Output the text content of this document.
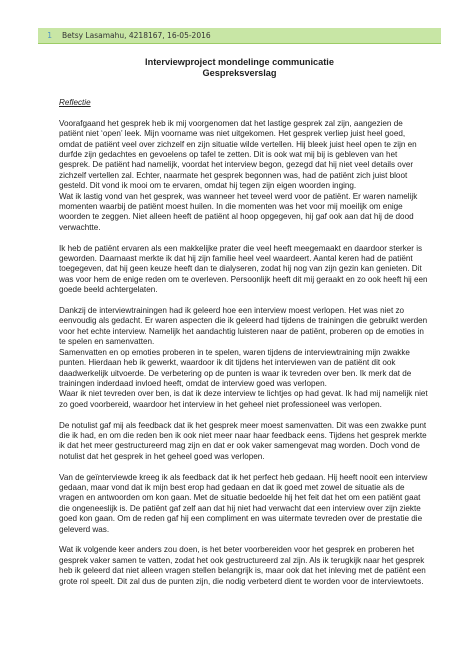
1 Betsy Lasamahu, 4218167, 16-05-2016
Interviewproject mondelinge communicatie
Gespreksverslag

Reflectie

Voorafgaand het gesprek heb ik mij voorgenomen dat het lastige gesprek zal zijn, aangezien de patiënt niet ‘open’ leek. Mijn voorname was niet uitgekomen. Het gesprek verliep juist heel goed, omdat de patiënt veel over zichzelf en zijn situatie wilde vertellen. Hij bleek juist heel open te zijn en durfde zijn gedachtes en gevoelens op tafel te zetten. Dit is ook wat mij bij is gebleven van het gesprek. De patiënt had namelijk, voordat het interview begon, gezegd dat hij niet veel details over zichzelf vertellen zal. Echter, naarmate het gesprek begonnen was, had de patiënt zich juist bloot gesteld. Dit vond ik mooi om te ervaren, omdat hij tegen zijn eigen woorden inging.

Wat ik lastig vond van het gesprek, was wanneer het teveel werd voor de patiënt. Er waren namelijk momenten waarbij de patiënt moest huilen. In die momenten was het voor mij moeilijk om enige woorden te zeggen. Niet alleen heeft de patiënt al hoop opgegeven, hij gaf ook aan dat hij de dood verwachtte.

Ik heb de patiënt ervaren als een makkelijke prater die veel heeft meegemaakt en daardoor sterker is geworden. Daarnaast merkte ik dat hij zijn familie heel veel waardeert. Aantal keren had de patiënt toegegeven, dat hij geen keuze heeft dan te dialyseren, zodat hij nog van zijn gezin kan genieten. Dit was voor hem de enige reden om te overleven. Persoonlijk heeft dit mij geraakt en zo ook heeft hij een goede beeld achtergelaten.

Dankzij de interviewtrainingen had ik geleerd hoe een interview moest verlopen. Het was niet zo eenvoudig als gedacht. Er waren aspecten die ik geleerd had tijdens de trainingen die gebruikt werden voor het echte interview. Namelijk het aandachtig luisteren naar de patiënt, proberen op de emoties in te spelen en samenvatten.

Samenvatten en op emoties proberen in te spelen, waren tijdens de interviewtraining mijn zwakke punten. Hierdaan heb ik gewerkt, waardoor ik dit tijdens het interviewen van de patiënt dit ook daadwerkelijk uitvoerde. De verbetering op de punten is waar ik tevreden over ben. Ik merk dat de trainingen inderdaad invloed heeft, omdat de interview goed was verlopen.

Waar ik niet tevreden over ben, is dat ik deze interview te lichtjes op had gevat. Ik had mij namelijk niet zo goed voorbereid, waardoor het interview in het geheel niet professioneel was verlopen.

De notulist gaf mij als feedback dat ik het gesprek meer moest samenvatten. Dit was een zwakke punt die ik had, en om die reden ben ik ook niet meer naar haar feedback eens. Tijdens het gesprek merkte ik dat het meer gestructureerd mag zijn en dat er ook vaker samengevat mag worden. Doch vond de notulist dat het gesprek in het geheel goed was verlopen.

Van de geïnterviewde kreeg ik als feedback dat ik het perfect heb gedaan. Hij heeft nooit een interview gedaan, maar vond dat ik mijn best erop had gedaan en dat ik goed met zowel de situatie als de vragen en antwoorden om kon gaan. Met de situatie bedoelde hij het feit dat het om een patiënt gaat die ongeneeslijk is. De patiënt gaf zelf aan dat hij niet had verwacht dat een interview over zijn ziekte goed kon gaan. Om de reden gaf hij een compliment en was uitermate tevreden over de prestatie die geleverd was.

Wat ik volgende keer anders zou doen, is het beter voorbereiden voor het gesprek en proberen het gesprek vaker samen te vatten, zodat het ook gestructureerd zal zijn. Als ik terugkijk naar het gesprek heb ik geleerd dat niet alleen vragen stellen belangrijk is, maar ook dat het inleving met de patiënt een grote rol speelt. Dit zal dus de punten zijn, die nodig verbeterd dient te worden voor de interviewtoets.
